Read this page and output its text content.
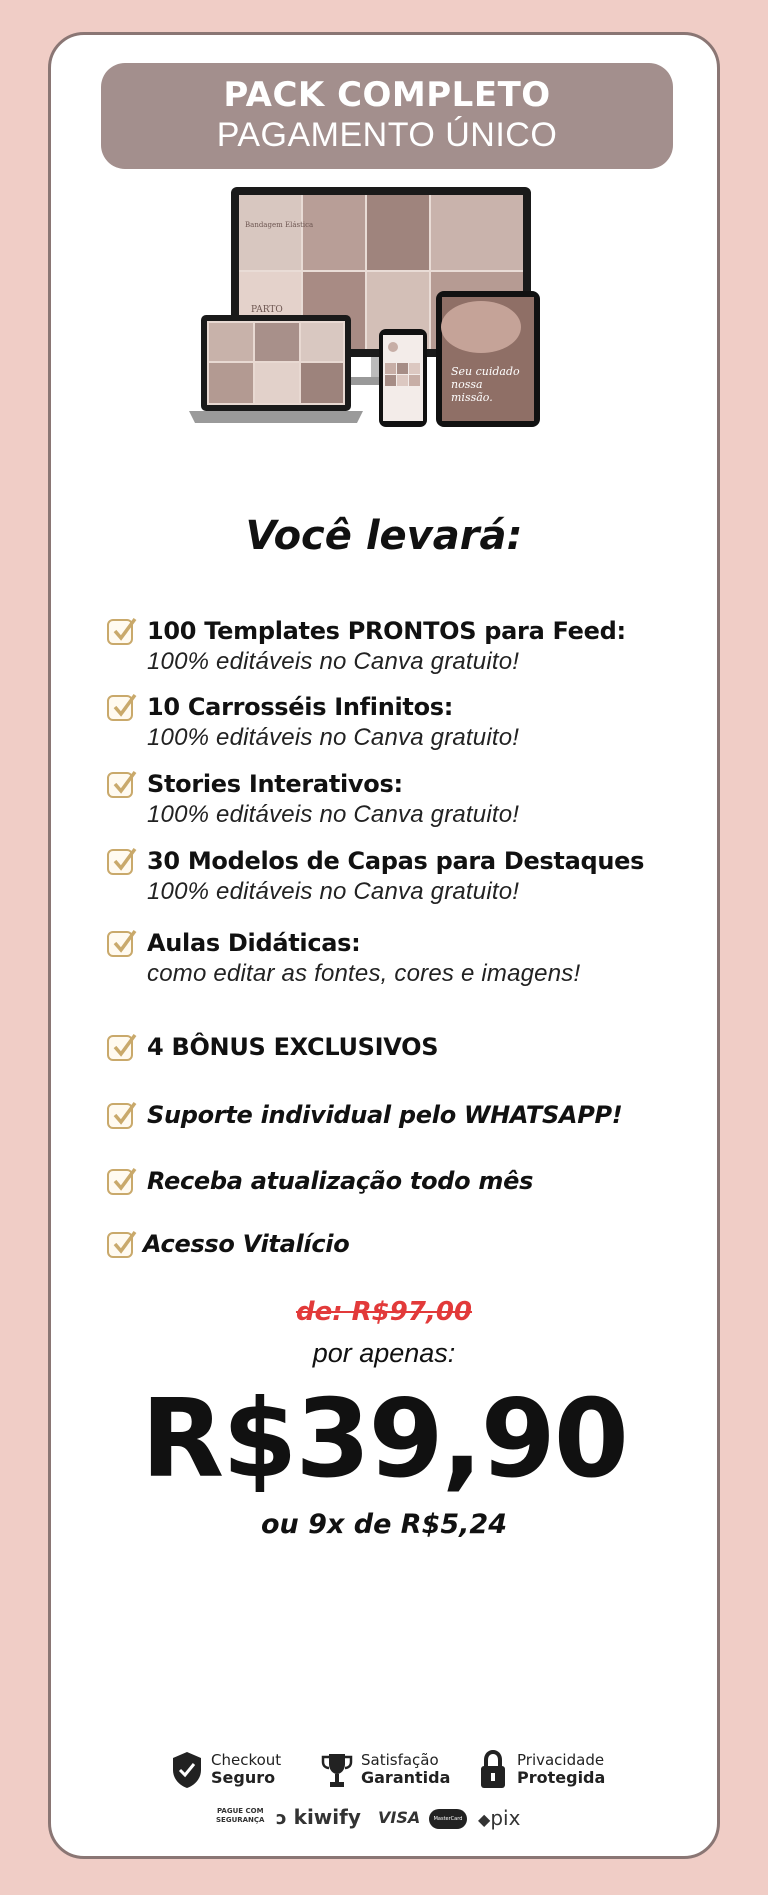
PACK COMPLETO
PAGAMENTO ÚNICO
Bandagem Elástica
PARTO
Seu cuidado
nossa
missão.
Você levará:
100 Templates PRONTOS para Feed:
100% editáveis no Canva gratuito!
10 Carrosséis Infinitos:
100% editáveis no Canva gratuito!
Stories Interativos:
100% editáveis no Canva gratuito!
30 Modelos de Capas para Destaques
100% editáveis no Canva gratuito!
Aulas Didáticas:
como editar as fontes, cores e imagens!
4 BÔNUS EXCLUSIVOS
Suporte individual pelo WHATSAPP!
Receba atualização todo mês
Acesso Vitalício
de: R$97,00
por apenas:
R$39,90
ou 9x de R$5,24
Checkout
Seguro
Satisfação
Garantida
Privacidade
Protegida
PAGUE COM
SEGURANÇA ↄ kiwify VISA	MasterCard ◆pix
